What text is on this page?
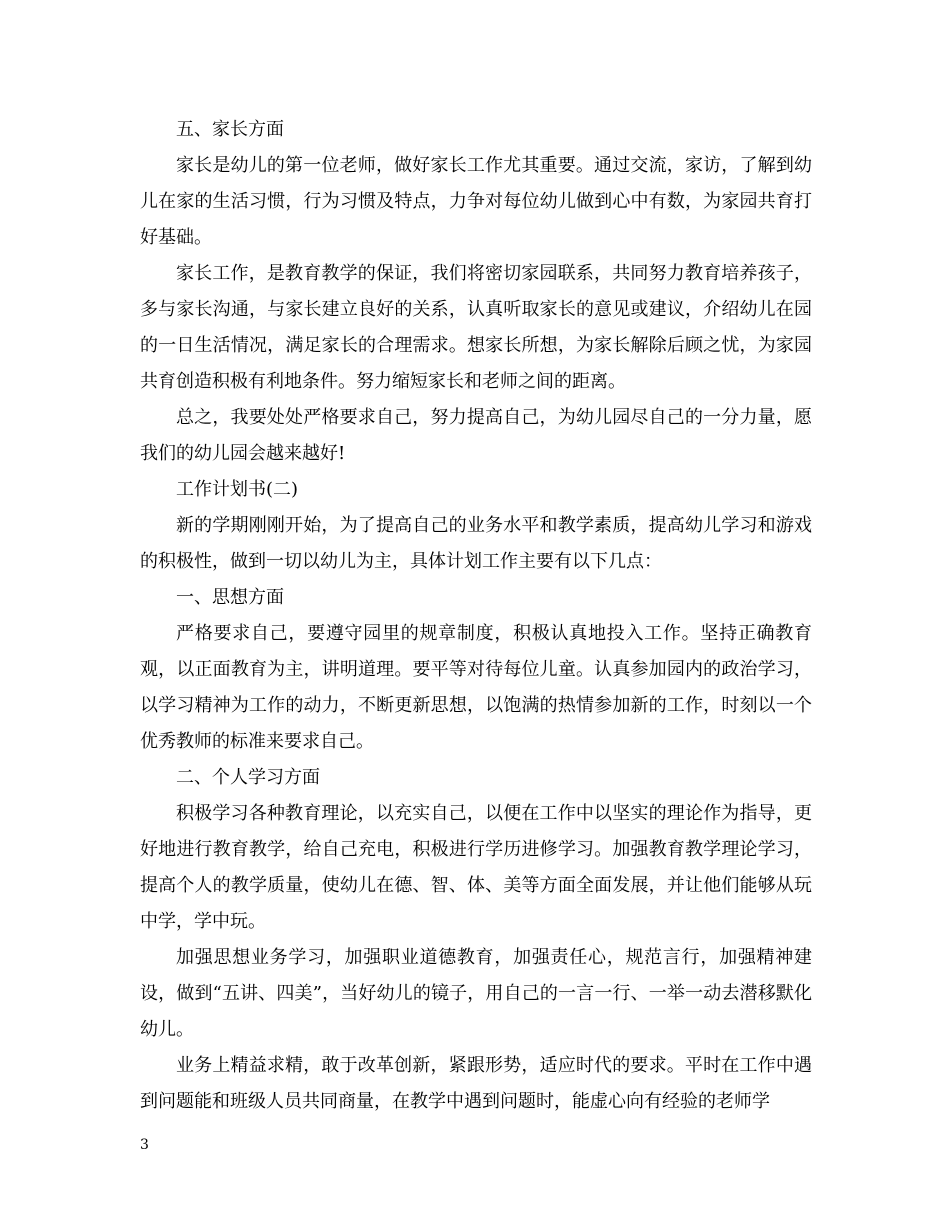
五、家长方面

家长是幼儿的第一位老师，做好家长工作尤其重要。通过交流，家访，了解到幼儿在家的生活习惯，行为习惯及特点，力争对每位幼儿做到心中有数，为家园共育打好基础。

家长工作，是教育教学的保证，我们将密切家园联系，共同努力教育培养孩子，多与家长沟通，与家长建立良好的关系，认真听取家长的意见或建议，介绍幼儿在园的一日生活情况，满足家长的合理需求。想家长所想，为家长解除后顾之忧，为家园共育创造积极有利地条件。努力缩短家长和老师之间的距离。

总之，我要处处严格要求自己，努力提高自己，为幼儿园尽自己的一分力量，愿我们的幼儿园会越来越好!

工作计划书(二)

新的学期刚刚开始，为了提高自己的业务水平和教学素质，提高幼儿学习和游戏的积极性，做到一切以幼儿为主，具体计划工作主要有以下几点：

一、思想方面

严格要求自己，要遵守园里的规章制度，积极认真地投入工作。坚持正确教育观，以正面教育为主，讲明道理。要平等对待每位儿童。认真参加园内的政治学习，以学习精神为工作的动力，不断更新思想，以饱满的热情参加新的工作，时刻以一个优秀教师的标准来要求自己。

二、个人学习方面

积极学习各种教育理论，以充实自己，以便在工作中以坚实的理论作为指导，更好地进行教育教学，给自己充电，积极进行学历进修学习。加强教育教学理论学习，提高个人的教学质量，使幼儿在德、智、体、美等方面全面发展，并让他们能够从玩中学，学中玩。

加强思想业务学习，加强职业道德教育，加强责任心，规范言行，加强精神建设，做到“五讲、四美”，当好幼儿的镜子，用自己的一言一行、一举一动去潜移默化幼儿。

业务上精益求精，敢于改革创新，紧跟形势，适应时代的要求。平时在工作中遇到问题能和班级人员共同商量，在教学中遇到问题时，能虚心向有经验的老师学

3
